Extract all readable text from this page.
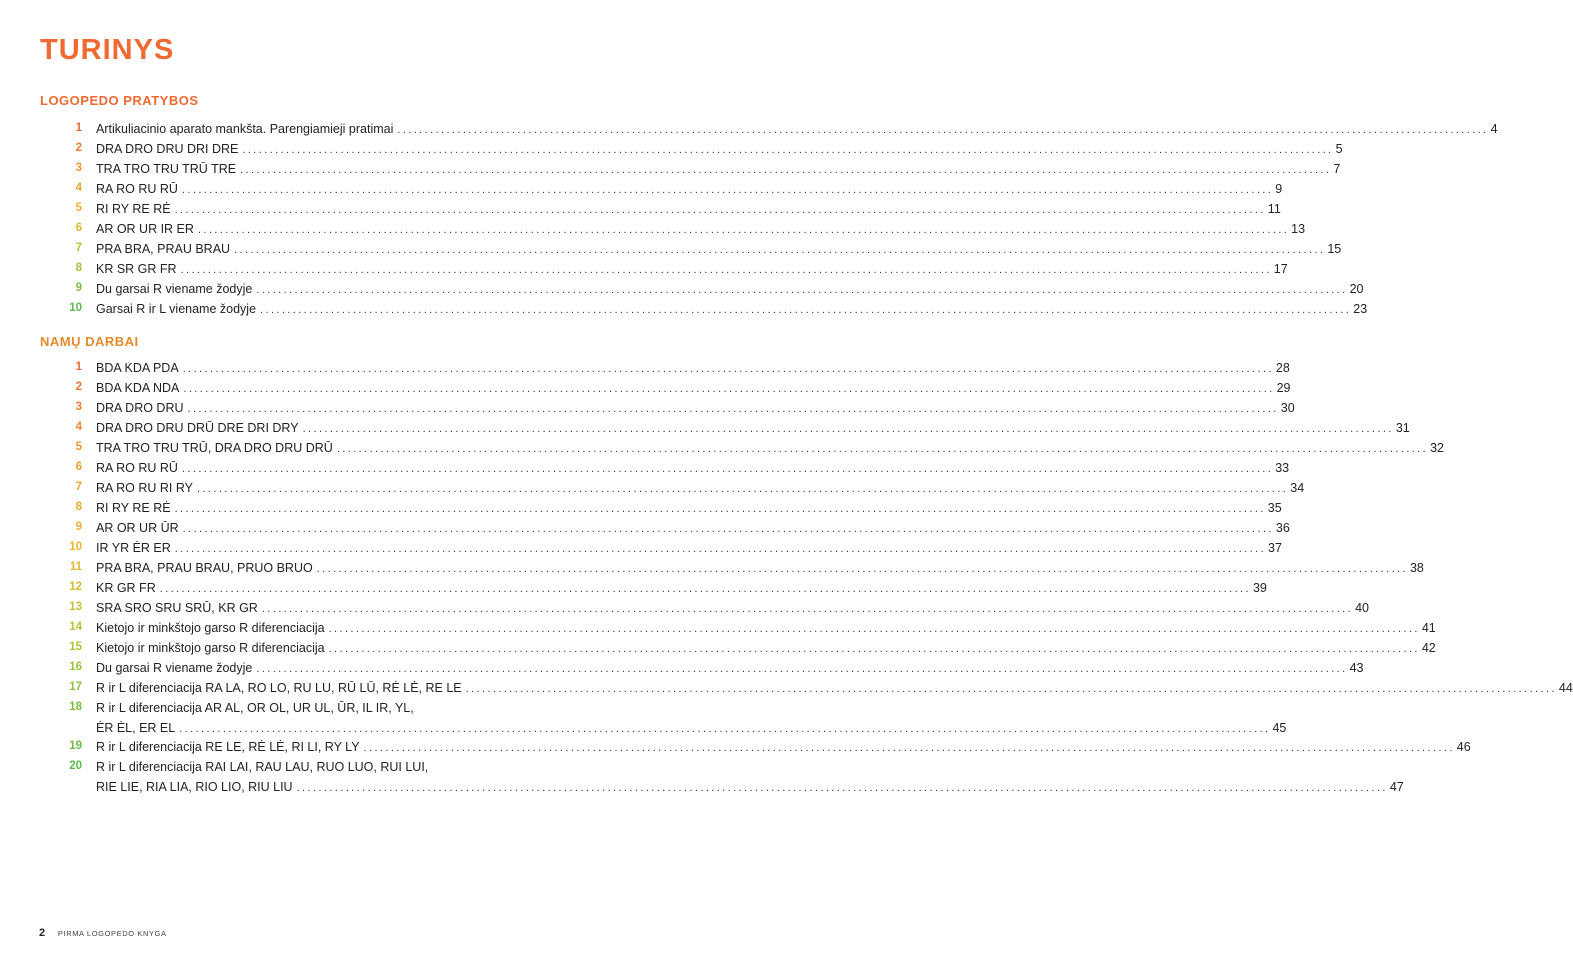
TURINYS
LOGOPEDO PRATYBOS
1 Artikuliacinio aparato mankšta. Parengiamieji pratimai ........................................................................................................................................................................................................ 4
2 DRA DRO DRU DRI DRE ........................................................................................................................................................................................................ 5
3 TRA TRO TRU TRŪ TRE ........................................................................................................................................................................................................ 7
4 RA RO RU RŪ ........................................................................................................................................................................................................ 9
5 RI RY RE RĖ ........................................................................................................................................................................................................ 11
6 AR OR UR IR ER ........................................................................................................................................................................................................ 13
7 PRA BRA, PRAU BRAU ........................................................................................................................................................................................................ 15
8 KR SR GR FR ........................................................................................................................................................................................................ 17
9 Du garsai R viename žodyje ........................................................................................................................................................................................................ 20
10 Garsai R ir L viename žodyje ........................................................................................................................................................................................................ 23
NAMŲ DARBAI
1 BDA KDA PDA ........................................................................................................................................................................................................ 28
2 BDA KDA NDA ........................................................................................................................................................................................................ 29
3 DRA DRO DRU ........................................................................................................................................................................................................ 30
4 DRA DRO DRU DRŪ DRE DRI DRY ........................................................................................................................................................................................................ 31
5 TRA TRO TRU TRŪ, DRA DRO DRU DRŪ ........................................................................................................................................................................................................ 32
6 RA RO RU RŪ ........................................................................................................................................................................................................ 33
7 RA RO RU RI RY ........................................................................................................................................................................................................ 34
8 RI RY RE RĖ ........................................................................................................................................................................................................ 35
9 AR OR UR ŪR ........................................................................................................................................................................................................ 36
10 IR YR ĖR ER ........................................................................................................................................................................................................ 37
11 PRA BRA, PRAU BRAU, PRUO BRUO ........................................................................................................................................................................................................ 38
12 KR GR FR ........................................................................................................................................................................................................ 39
13 SRA SRO SRU SRŪ, KR GR ........................................................................................................................................................................................................ 40
14 Kietojo ir minkštojo garso R diferenciacija ........................................................................................................................................................................................................ 41
15 Kietojo ir minkštojo garso R diferenciacija ........................................................................................................................................................................................................ 42
16 Du garsai R viename žodyje ........................................................................................................................................................................................................ 43
17 R ir L diferenciacija RA LA, RO LO, RU LU, RŪ LŪ, RĖ LĖ, RE LE ........................................................................................................................................................................................................ 44
18 R ir L diferenciacija AR AL, OR OL, UR UL, ŪR, IL IR, YL,
ĖR ĖL, ER EL ........................................................................................................................................................................................................ 45
19 R ir L diferenciacija RE LE, RĖ LĖ, RI LI, RY LY ........................................................................................................................................................................................................ 46
20 R ir L diferenciacija RAI LAI, RAU LAU, RUO LUO, RUI LUI,
RIE LIE, RIA LIA, RIO LIO, RIU LIU ........................................................................................................................................................................................................ 47
2 PIRMA LOGOPEDO KNYGA
